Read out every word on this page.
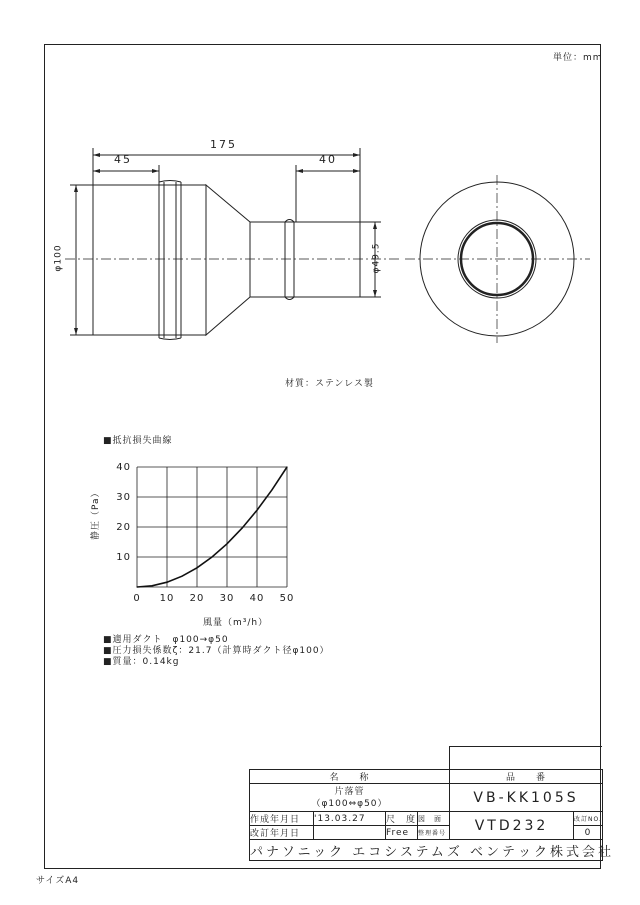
単位：mm
175
45	40
φ100	φ49.5
材質：ステンレス製
■抵抗損失曲線
0 10 20 30 40 50
10
20
30
40
静圧（Pa）
風量（m³/h）
■適用ダクト　φ100→φ50
■圧力損失係数ζ：21.7（計算時ダクト径φ100）
■質量：0.14kg
名　　称				品　　番	

片落管
（φ100⇔φ50）				VB-KK105S	
作成年月日	'13.03.27	尺　度	図　面	VTD232	改訂NO.
改訂年月日		Free	整理番号		0
パナソニック エコシステムズ ベンテック株式会社					
サイズA4
